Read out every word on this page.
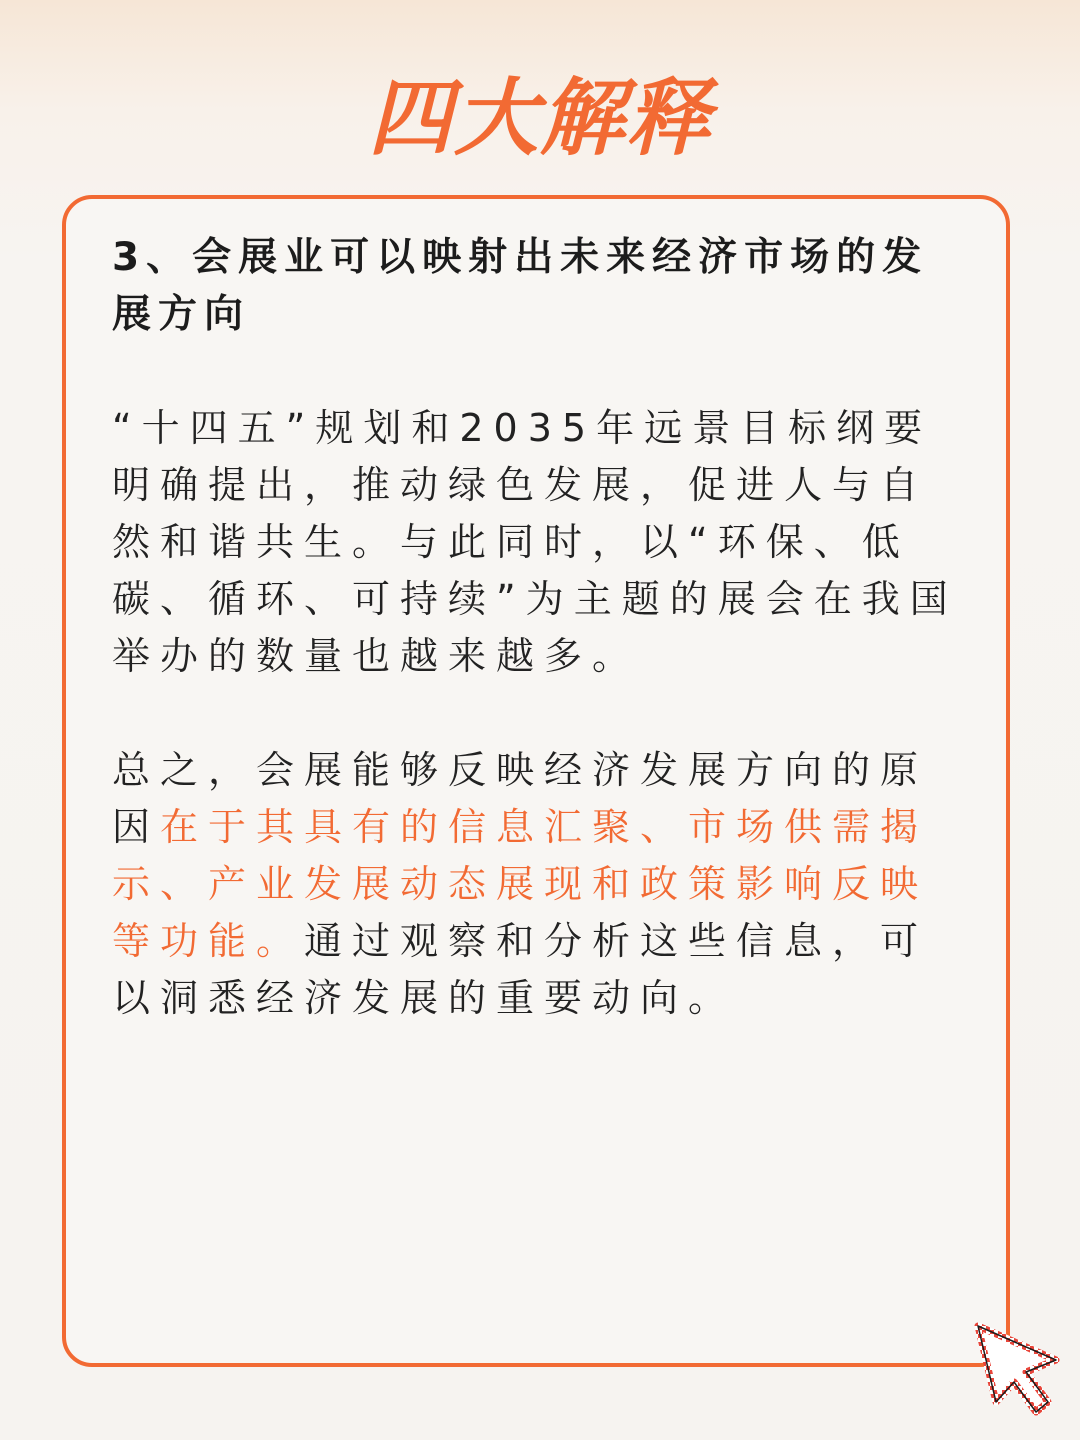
四大解释

3、会展业可以映射出未来经济市场的发展方向

“十四五”规划和2035年远景目标纲要明确提出，推动绿色发展，促进人与自然和谐共生。与此同时，以“环保、低碳、循环、可持续”为主题的展会在我国举办的数量也越来越多。

总之，会展能够反映经济发展方向的原因在于其具有的信息汇聚、市场供需揭示、产业发展动态展现和政策影响反映等功能。通过观察和分析这些信息，可以洞悉经济发展的重要动向。
